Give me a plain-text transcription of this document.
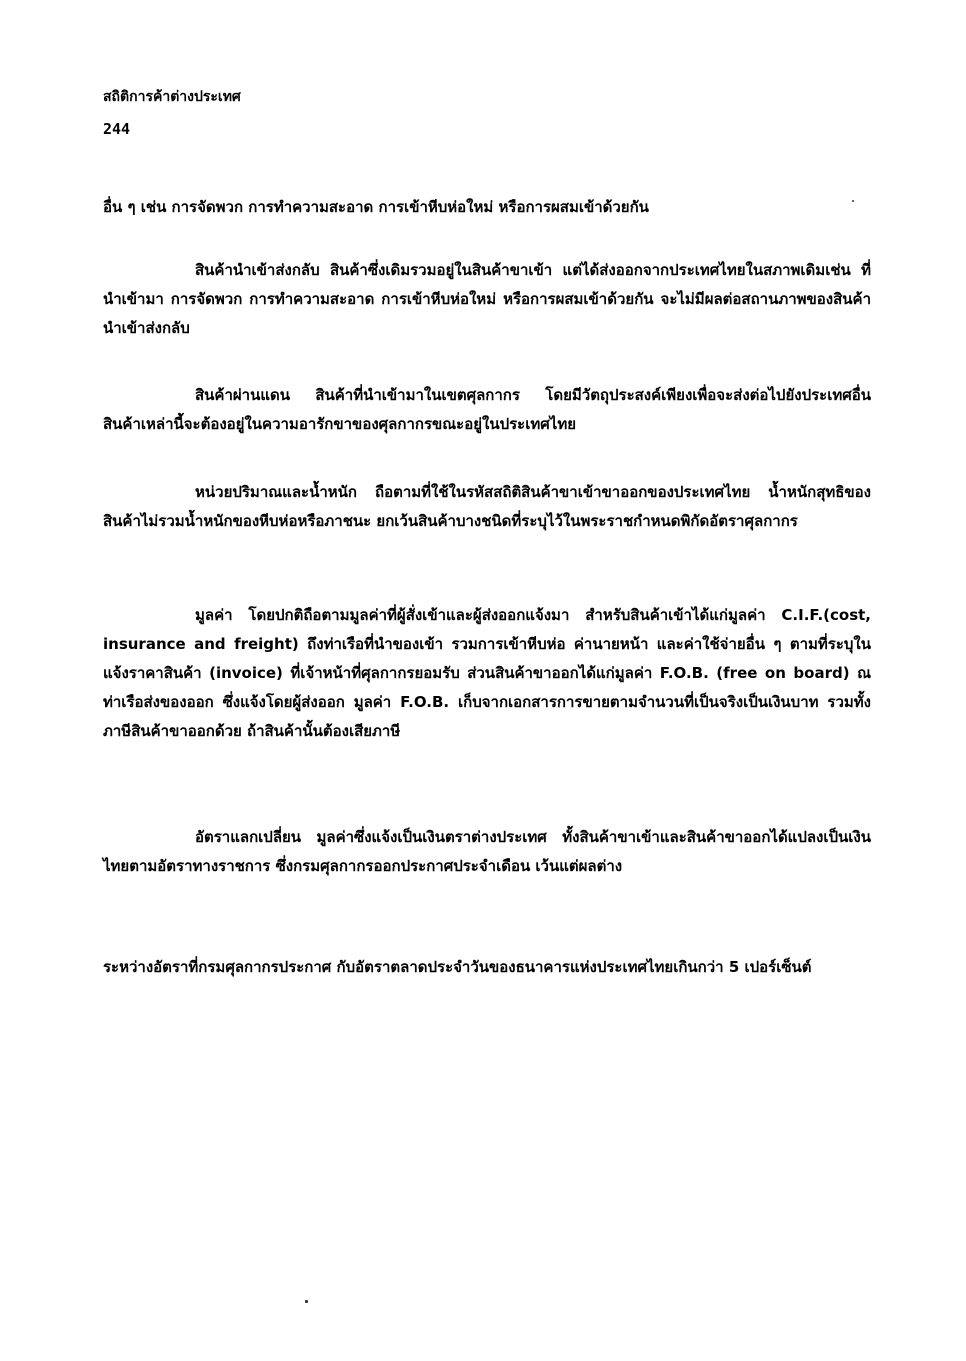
สถิติการค้าต่างประเทศ
244

อื่น ๆ เช่น การจัดพวก การทำความสะอาด การเข้าหีบห่อใหม่ หรือการผสมเข้าด้วยกัน

สินค้านำเข้าส่งกลับ สินค้าซึ่งเดิมรวมอยู่ในสินค้าขาเข้า แต่ได้ส่งออกจากประเทศไทยในสภาพเดิมเช่น ที่นำเข้ามา การจัดพวก การทำความสะอาด การเข้าหีบห่อใหม่ หรือการผสมเข้าด้วยกัน จะไม่มีผลต่อสถานภาพของสินค้านำเข้าส่งกลับ

สินค้าผ่านแดน สินค้าที่นำเข้ามาในเขตศุลกากร โดยมีวัตถุประสงค์เพียงเพื่อจะส่งต่อไปยังประเทศอื่น สินค้าเหล่านี้จะต้องอยู่ในความอารักขาของศุลกากรขณะอยู่ในประเทศไทย

หน่วยปริมาณและน้ำหนัก ถือตามที่ใช้ในรหัสสถิติสินค้าขาเข้าขาออกของประเทศไทย น้ำหนักสุทธิของสินค้าไม่รวมน้ำหนักของหีบห่อหรือภาชนะ ยกเว้นสินค้าบางชนิดที่ระบุไว้ในพระราชกำหนดพิกัดอัตราศุลกากร

มูลค่า โดยปกติถือตามมูลค่าที่ผู้สั่งเข้าและผู้ส่งออกแจ้งมา สำหรับสินค้าเข้าได้แก่มูลค่า C.I.F.(cost, insurance and freight) ถึงท่าเรือที่นำของเข้า รวมการเข้าหีบห่อ ค่านายหน้า และค่าใช้จ่ายอื่น ๆ ตามที่ระบุในแจ้งราคาสินค้า (invoice) ที่เจ้าหน้าที่ศุลกากรยอมรับ ส่วนสินค้าขาออกได้แก่มูลค่า F.O.B. (free on board) ณ ท่าเรือส่งของออก ซึ่งแจ้งโดยผู้ส่งออก มูลค่า F.O.B. เก็บจากเอกสารการขายตามจำนวนที่เป็นจริงเป็นเงินบาท รวมทั้งภาษีสินค้าขาออกด้วย ถ้าสินค้านั้นต้องเสียภาษี

อัตราแลกเปลี่ยน มูลค่าซึ่งแจ้งเป็นเงินตราต่างประเทศ ทั้งสินค้าขาเข้าและสินค้าขาออกได้แปลงเป็นเงินไทยตามอัตราทางราชการ ซึ่งกรมศุลกากรออกประกาศประจำเดือน เว้นแต่ผลต่าง

ระหว่างอัตราที่กรมศุลกากรประกาศ กับอัตราตลาดประจำวันของธนาคารแห่งประเทศไทยเกินกว่า 5 เปอร์เซ็นต์
